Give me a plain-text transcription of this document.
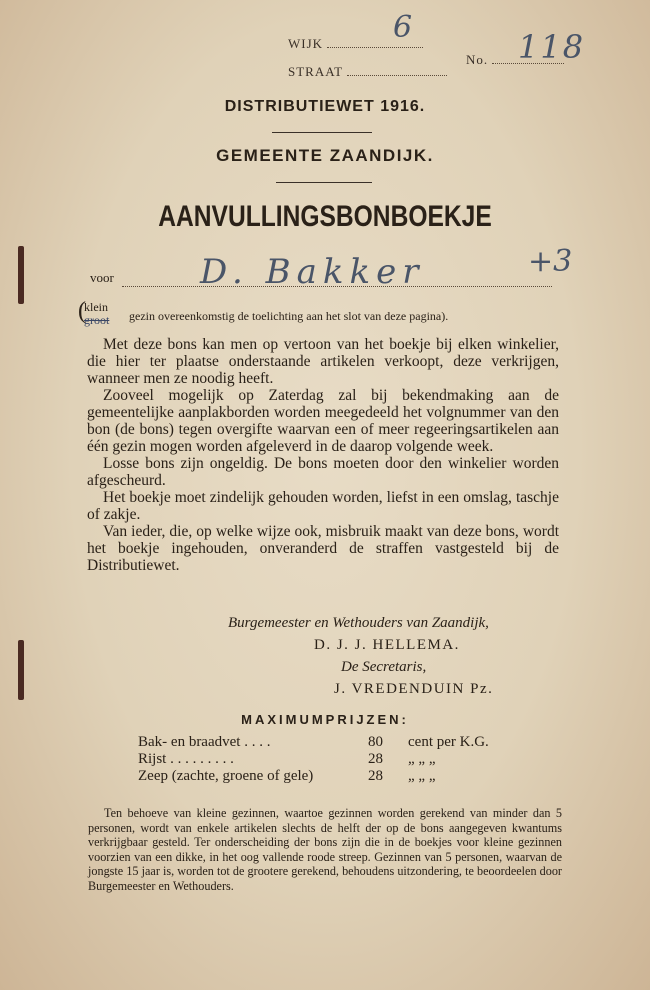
WIJK	6
STRAAT
No. 118
DISTRIBUTIEWET 1916.
GEMEENTE ZAANDIJK.
AANVULLINGSBONBOEKJE
voor	D. Bakker	+3
(
klein
groot gezin overeenkomstig de toelichting aan het slot van deze pagina).

Met deze bons kan men op vertoon van het boekje bij elken winkelier, die hier ter plaatse onderstaande artikelen verkoopt, deze verkrijgen, wanneer men ze noodig heeft.

Zooveel mogelijk op Zaterdag zal bij bekendmaking aan de gemeentelijke aanplakborden worden meegedeeld het volgnummer van den bon (de bons) tegen overgifte waarvan een of meer regeeringsartikelen aan één gezin mogen worden afgeleverd in de daarop volgende week.

Losse bons zijn ongeldig. De bons moeten door den winkelier worden afgescheurd.

Het boekje moet zindelijk gehouden worden, liefst in een omslag, taschje of zakje.

Van ieder, die, op welke wijze ook, misbruik maakt van deze bons, wordt het boekje ingehouden, onveranderd de straffen vastgesteld bij de Distributiewet.

Burgemeester en Wethouders van Zaandijk,
D. J. J. HELLEMA.
De Secretaris,
J. VREDENDUIN Pz.
MAXIMUMPRIJZEN:
Bak- en braadvet . . . .	80	cent per K.G.
Rijst . . . . . . . . .	28	„ „ „
Zeep (zachte, groene of gele)	28	„ „ „

Ten behoeve van kleine gezinnen, waartoe gezinnen worden gerekend van minder dan 5 personen, wordt van enkele artikelen slechts de helft der op de bons aangegeven kwantums verkrijgbaar gesteld. Ter onderscheiding der bons zijn die in de boekjes voor kleine gezinnen voorzien van een dikke, in het oog vallende roode streep. Gezinnen van 5 personen, waarvan de jongste 15 jaar is, worden tot de grootere gerekend, behoudens uitzondering, te beoordeelen door Burgemeester en Wethouders.
